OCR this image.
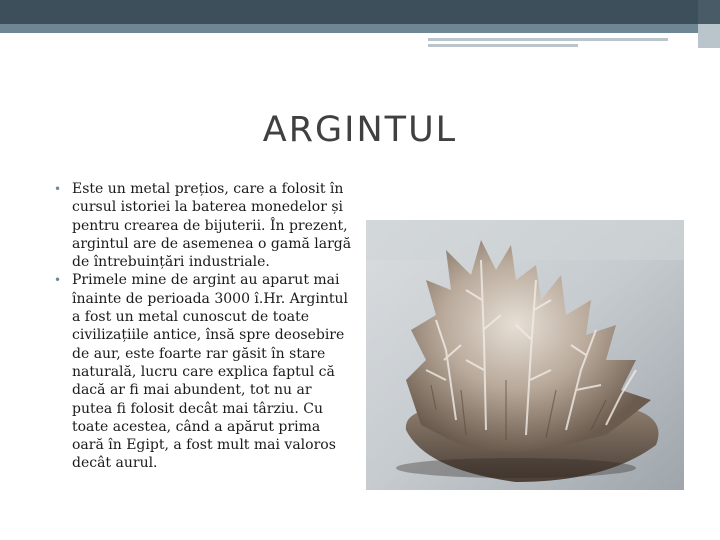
ARGINTUL
• Este un metal prețios, care a folosit în cursul istoriei la baterea monedelor și pentru crearea de bijuterii. În prezent, argintul are de asemenea o gamă largă de întrebuințări industriale.
• Primele mine de argint au aparut mai înainte de perioada 3000 î.Hr. Argintul a fost un metal cunoscut de toate civilizațiile antice, însă spre deosebire de aur, este foarte rar găsit în stare naturală, lucru care explica faptul că dacă ar fi mai abundent, tot nu ar putea fi folosit decât mai târziu. Cu toate acestea, când a apărut prima oară în Egipt, a fost mult mai valoros decât aurul.
